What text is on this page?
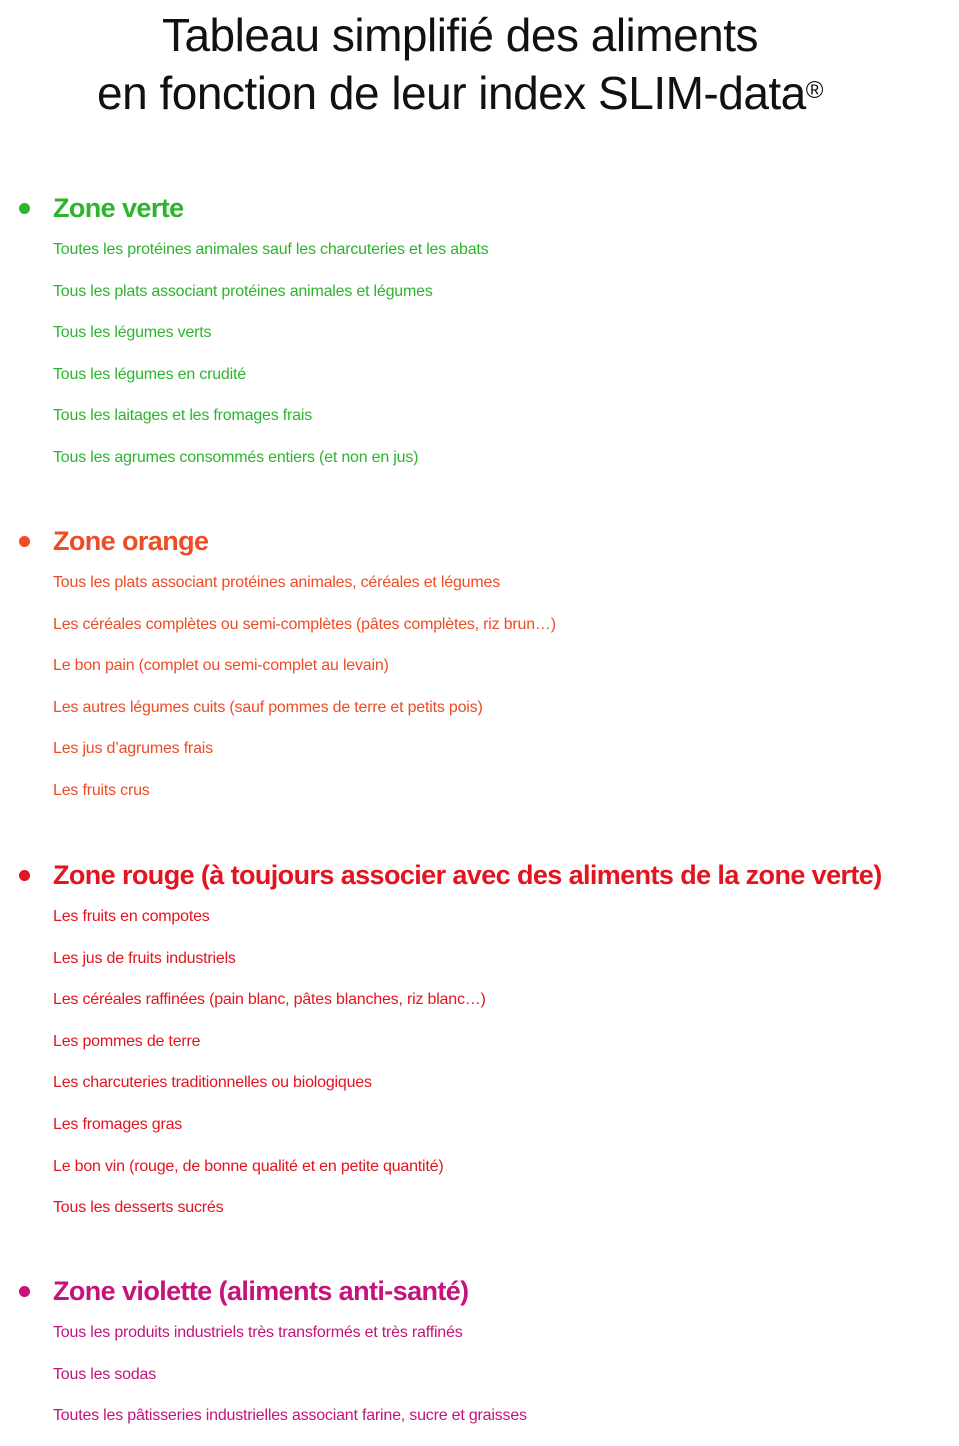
Tableau simplifié des aliments
en fonction de leur index SLIM-data®
Zone verte
Toutes les protéines animales sauf les charcuteries et les abats
Tous les plats associant protéines animales et légumes
Tous les légumes verts
Tous les légumes en crudité
Tous les laitages et les fromages frais
Tous les agrumes consommés entiers (et non en jus)
Zone orange
Tous les plats associant protéines animales, céréales et légumes
Les céréales complètes ou semi-complètes (pâtes complètes, riz brun…)
Le bon pain (complet ou semi-complet au levain)
Les autres légumes cuits (sauf pommes de terre et petits pois)
Les jus d’agrumes frais
Les fruits crus
Zone rouge (à toujours associer avec des aliments de la zone verte)
Les fruits en compotes
Les jus de fruits industriels
Les céréales raffinées (pain blanc, pâtes blanches, riz blanc…)
Les pommes de terre
Les charcuteries traditionnelles ou biologiques
Les fromages gras
Le bon vin (rouge, de bonne qualité et en petite quantité)
Tous les desserts sucrés
Zone violette (aliments anti-santé)
Tous les produits industriels très transformés et très raffinés
Tous les sodas
Toutes les pâtisseries industrielles associant farine, sucre et graisses
